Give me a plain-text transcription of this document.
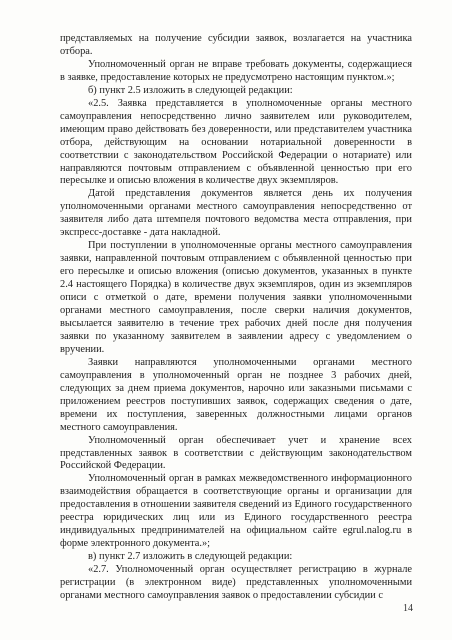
представляемых на получение субсидии заявок, возлагается на участника отбора.

Уполномоченный орган не вправе требовать документы, содержащиеся в заявке, предоставление которых не предусмотрено настоящим пунктом.»;

б) пункт 2.5 изложить в следующей редакции:

«2.5. Заявка представляется в уполномоченные органы местного самоуправления непосредственно лично заявителем или руководителем, имеющим право действовать без доверенности, или представителем участника отбора, действующим на основании нотариальной доверенности в соответствии с законодательством Российской Федерации о нотариате) или направляются почтовым отправлением с объявленной ценностью при его пересылке и описью вложения в количестве двух экземпляров.

Датой представления документов является день их получения уполномоченными органами местного самоуправления непосредственно от заявителя либо дата штемпеля почтового ведомства места отправления, при экспресс-доставке - дата накладной.

При поступлении в уполномоченные органы местного самоуправления заявки, направленной почтовым отправлением с объявленной ценностью при его пересылке и описью вложения (описью документов, указанных в пункте 2.4 настоящего Порядка) в количестве двух экземпляров, один из экземпляров описи с отметкой о дате, времени получения заявки уполномоченными органами местного самоуправления, после сверки наличия документов, высылается заявителю в течение трех рабочих дней после дня получения заявки по указанному заявителем в заявлении адресу с уведомлением о вручении.

Заявки направляются уполномоченными органами местного самоуправления в уполномоченный орган не позднее 3 рабочих дней, следующих за днем приема документов, нарочно или заказными письмами с приложением реестров поступивших заявок, содержащих сведения о дате, времени их поступления, заверенных должностными лицами органов местного самоуправления.

Уполномоченный орган обеспечивает учет и хранение всех представленных заявок в соответствии с действующим законодательством Российской Федерации.

Уполномоченный орган в рамках межведомственного информационного взаимодействия обращается в соответствующие органы и организации для предоставления в отношении заявителя сведений из Единого государственного реестра юридических лиц или из Единого государственного реестра индивидуальных предпринимателей на официальном сайте egrul.nalog.ru в форме электронного документа.»;

в) пункт 2.7 изложить в следующей редакции:

«2.7. Уполномоченный орган осуществляет регистрацию в журнале регистрации (в электронном виде) представленных уполномоченными органами местного самоуправления заявок о предоставлении субсидии с

14
